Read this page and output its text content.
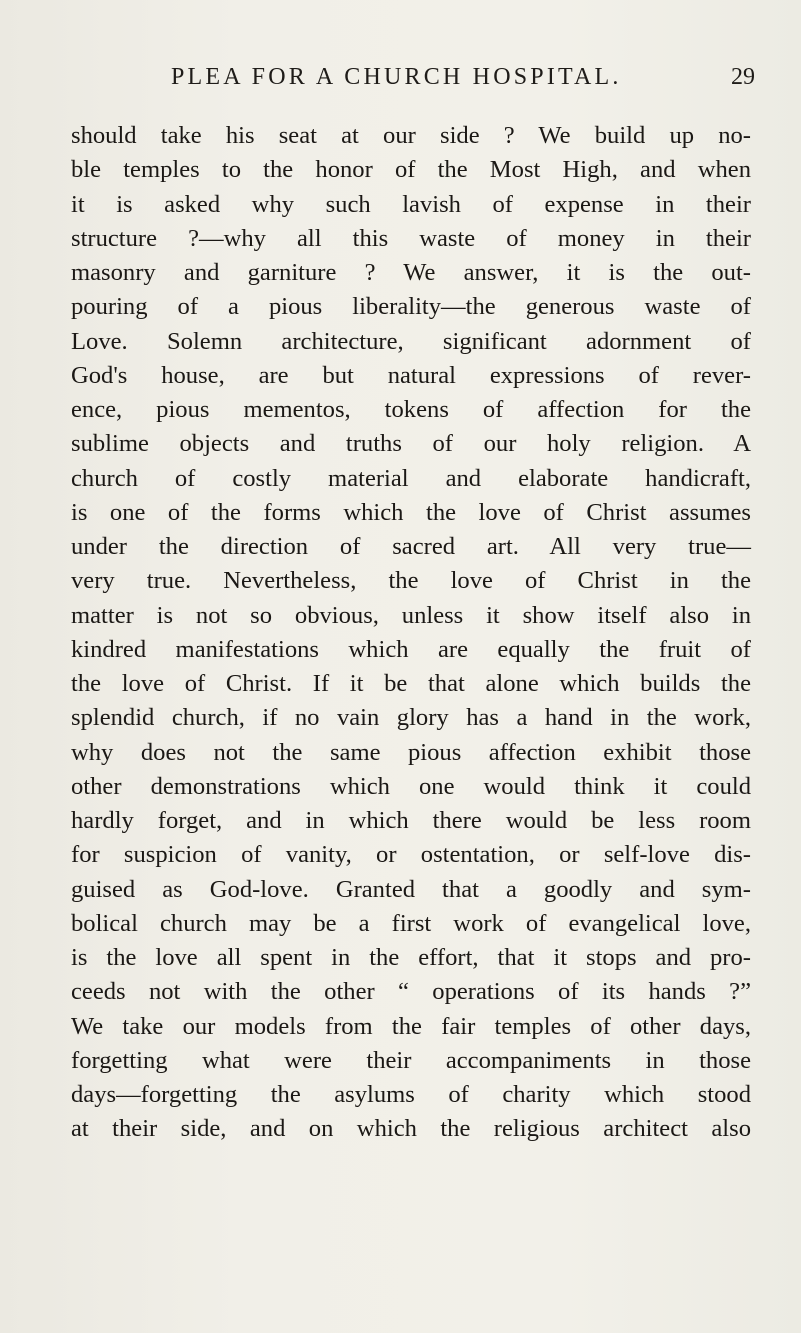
PLEA FOR A CHURCH HOSPITAL.	29
should take his seat at our side ? We build up no-
ble temples to the honor of the Most High, and when
it is asked why such lavish of expense in their
structure ?—why all this waste of money in their
masonry and garniture ? We answer, it is the out-
pouring of a pious liberality—the generous waste of
Love. Solemn architecture, significant adornment of
God's house, are but natural expressions of rever-
ence, pious mementos, tokens of affection for the
sublime objects and truths of our holy religion. A
church of costly material and elaborate handicraft,
is one of the forms which the love of Christ assumes
under the direction of sacred art. All very true—
very true. Nevertheless, the love of Christ in the
matter is not so obvious, unless it show itself also in
kindred manifestations which are equally the fruit of
the love of Christ. If it be that alone which builds the
splendid church, if no vain glory has a hand in the work,
why does not the same pious affection exhibit those
other demonstrations which one would think it could
hardly forget, and in which there would be less room
for suspicion of vanity, or ostentation, or self-love dis-
guised as God-love. Granted that a goodly and sym-
bolical church may be a first work of evangelical love,
is the love all spent in the effort, that it stops and pro-
ceeds not with the other “ operations of its hands ?”
We take our models from the fair temples of other days,
forgetting what were their accompaniments in those
days—forgetting the asylums of charity which stood
at their side, and on which the religious architect also
